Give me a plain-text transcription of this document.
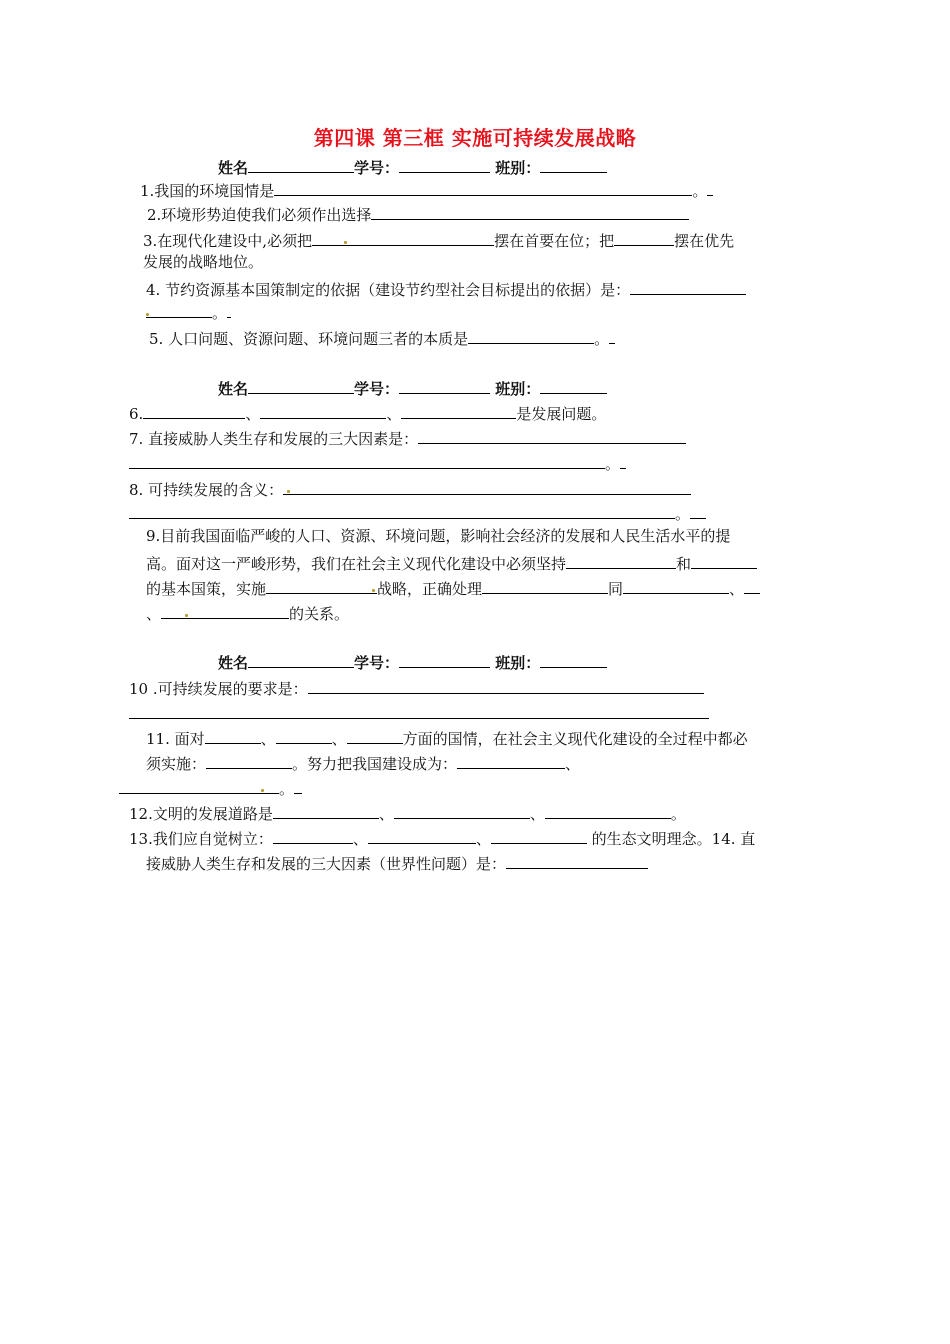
第四课 第三框 实施可持续发展战略
姓名	学号：	班别：
1.我国的环境国情是	。
2.环境形势迫使我们必须作出选择
3.在现代化建设中,必须把	摆在首要在位；把	摆在优先
发展的战略地位。
4. 节约资源基本国策制定的依据（建设节约型社会目标提出的依据）是：
。
5. 人口问题、资源问题、环境问题三者的本质是	。
姓名	学号：	班别：
6.	、	、	是发展问题。
7. 直接威胁人类生存和发展的三大因素是：
。
8. 可持续发展的含义：
。
9.目前我国面临严峻的人口、资源、环境问题，影响社会经济的发展和人民生活水平的提
高。面对这一严峻形势，我们在社会主义现代化建设中必须坚持	和
的基本国策，实施	战略，正确处理	同	、
、	的关系。
姓名	学号：	班别：
10 .可持续发展的要求是：
11. 面对	、	、	方面的国情，在社会主义现代化建设的全过程中都必
须实施：	。努力把我国建设成为：	、
。
12.文明的发展道路是	、	、	。
13.我们应自觉树立：	、	、	的生态文明理念。14. 直
接威胁人类生存和发展的三大因素（世界性问题）是：
